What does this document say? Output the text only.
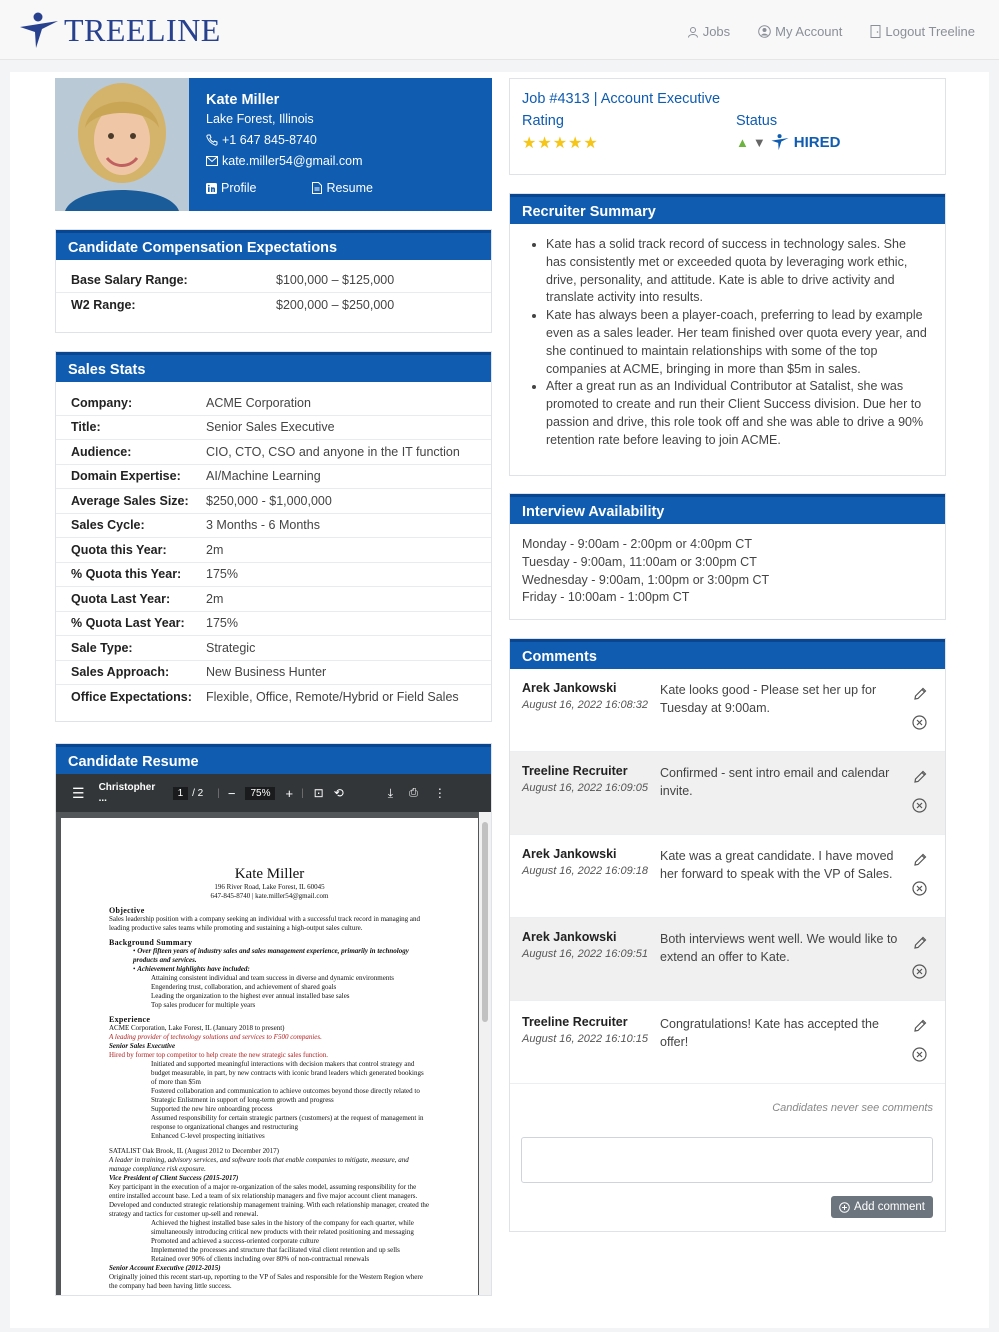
TREELINE	Jobs	My Account	Logout Treeline
Kate Miller
Lake Forest, Illinois
+1 647 845-8740
kate.miller54@gmail.com
Profile	Resume
Candidate Compensation Expectations
Base Salary Range:	$100,000 – $125,000
W2 Range:	$200,000 – $250,000
Sales Stats
Company:	ACME Corporation
Title:	Senior Sales Executive
Audience:	CIO, CTO, CSO and anyone in the IT function
Domain Expertise:	AI/Machine Learning
Average Sales Size:	$250,000 - $1,000,000
Sales Cycle:	3 Months - 6 Months
Quota this Year:	2m
% Quota this Year:	175%
Quota Last Year:	2m
% Quota Last Year:	175%
Sale Type:	Strategic
Sales Approach:	New Business Hunter
Office Expectations:	Flexible, Office, Remote/Hybrid or Field Sales
Candidate Resume
☰ Christopher ...	1 / 2 | −	75%	+ | ⊡ ⟲	⤓ ⎙ ⋮
Kate Miller
196 River Road, Lake Forest, IL 60045
647-845-8740 | kate.miller54@gmail.com
Objective
Sales leadership position with a company seeking an individual with a successful track record in managing and leading productive sales teams while promoting and sustaining a high-output sales culture.
Background Summary
• Over fifteen years of industry sales and sales management experience, primarily in technology products and services.
• Achievement highlights have included:
Attaining consistent individual and team success in diverse and dynamic environments
Engendering trust, collaboration, and achievement of shared goals
Leading the organization to the highest ever annual installed base sales
Top sales producer for multiple years
Experience
ACME Corporation, Lake Forest, IL (January 2018 to present)
A leading provider of technology solutions and services to F500 companies.
Senior Sales Executive
Hired by former top competitor to help create the new strategic sales function.
Initiated and supported meaningful interactions with decision makers that control strategy and budget measurable, in part, by new contracts with iconic brand leaders which generated bookings of more than $5m
Fostered collaboration and communication to achieve outcomes beyond those directly related to Strategic Enlistment in support of long-term growth and progress
Supported the new hire onboarding process
Assumed responsibility for certain strategic partners (customers) at the request of management in response to organizational changes and restructuring
Enhanced C-level prospecting initiatives
SATALIST Oak Brook, IL (August 2012 to December 2017)
A leader in training, advisory services, and software tools that enable companies to mitigate, measure, and manage compliance risk exposure.
Vice President of Client Success (2015-2017)
Key participant in the execution of a major re-organization of the sales model, assuming responsibility for the entire installed account base. Led a team of six relationship managers and five major account client managers. Developed and conducted strategic relationship management training. With each relationship manager, created the strategy and tactics for customer up-sell and renewal.
Achieved the highest installed base sales in the history of the company for each quarter, while simultaneously introducing critical new products with their related positioning and messaging
Promoted and achieved a success-oriented corporate culture
Implemented the processes and structure that facilitated vital client retention and up sells
Retained over 90% of clients including over 80% of non-contractual renewals
Senior Account Executive (2012-2015)
Originally joined this recent start-up, reporting to the VP of Sales and responsible for the Western Region where the company had been having little success.
Job #4313 | Account Executive
Rating
★★★★★
Status
▲ ▼ HIRED
Recruiter Summary
• Kate has a solid track record of success in technology sales. She has consistently met or exceeded quota by leveraging work ethic, drive, personality, and attitude. Kate is able to drive activity and translate activity into results.
• Kate has always been a player-coach, preferring to lead by example even as a sales leader. Her team finished over quota every year, and she continued to maintain relationships with some of the top companies at ACME, bringing in more than $5m in sales.
• After a great run as an Individual Contributor at Satalist, she was promoted to create and run their Client Success division. Due her to passion and drive, this role took off and she was able to drive a 90% retention rate before leaving to join ACME.
Interview Availability
Monday - 9:00am - 2:00pm or 4:00pm CT
Tuesday - 9:00am, 11:00am or 3:00pm CT
Wednesday - 9:00am, 1:00pm or 3:00pm CT
Friday - 10:00am - 1:00pm CT
Comments
Arek Jankowski
August 16, 2022 16:08:32
Kate looks good - Please set her up for Tuesday at 9:00am.
Treeline Recruiter
August 16, 2022 16:09:05
Confirmed - sent intro email and calendar invite.
Arek Jankowski
August 16, 2022 16:09:18
Kate was a great candidate. I have moved her forward to speak with the VP of Sales.
Arek Jankowski
August 16, 2022 16:09:51
Both interviews went well. We would like to extend an offer to Kate.
Treeline Recruiter
August 16, 2022 16:10:15
Congratulations! Kate has accepted the offer!
Candidates never see comments
Add comment
